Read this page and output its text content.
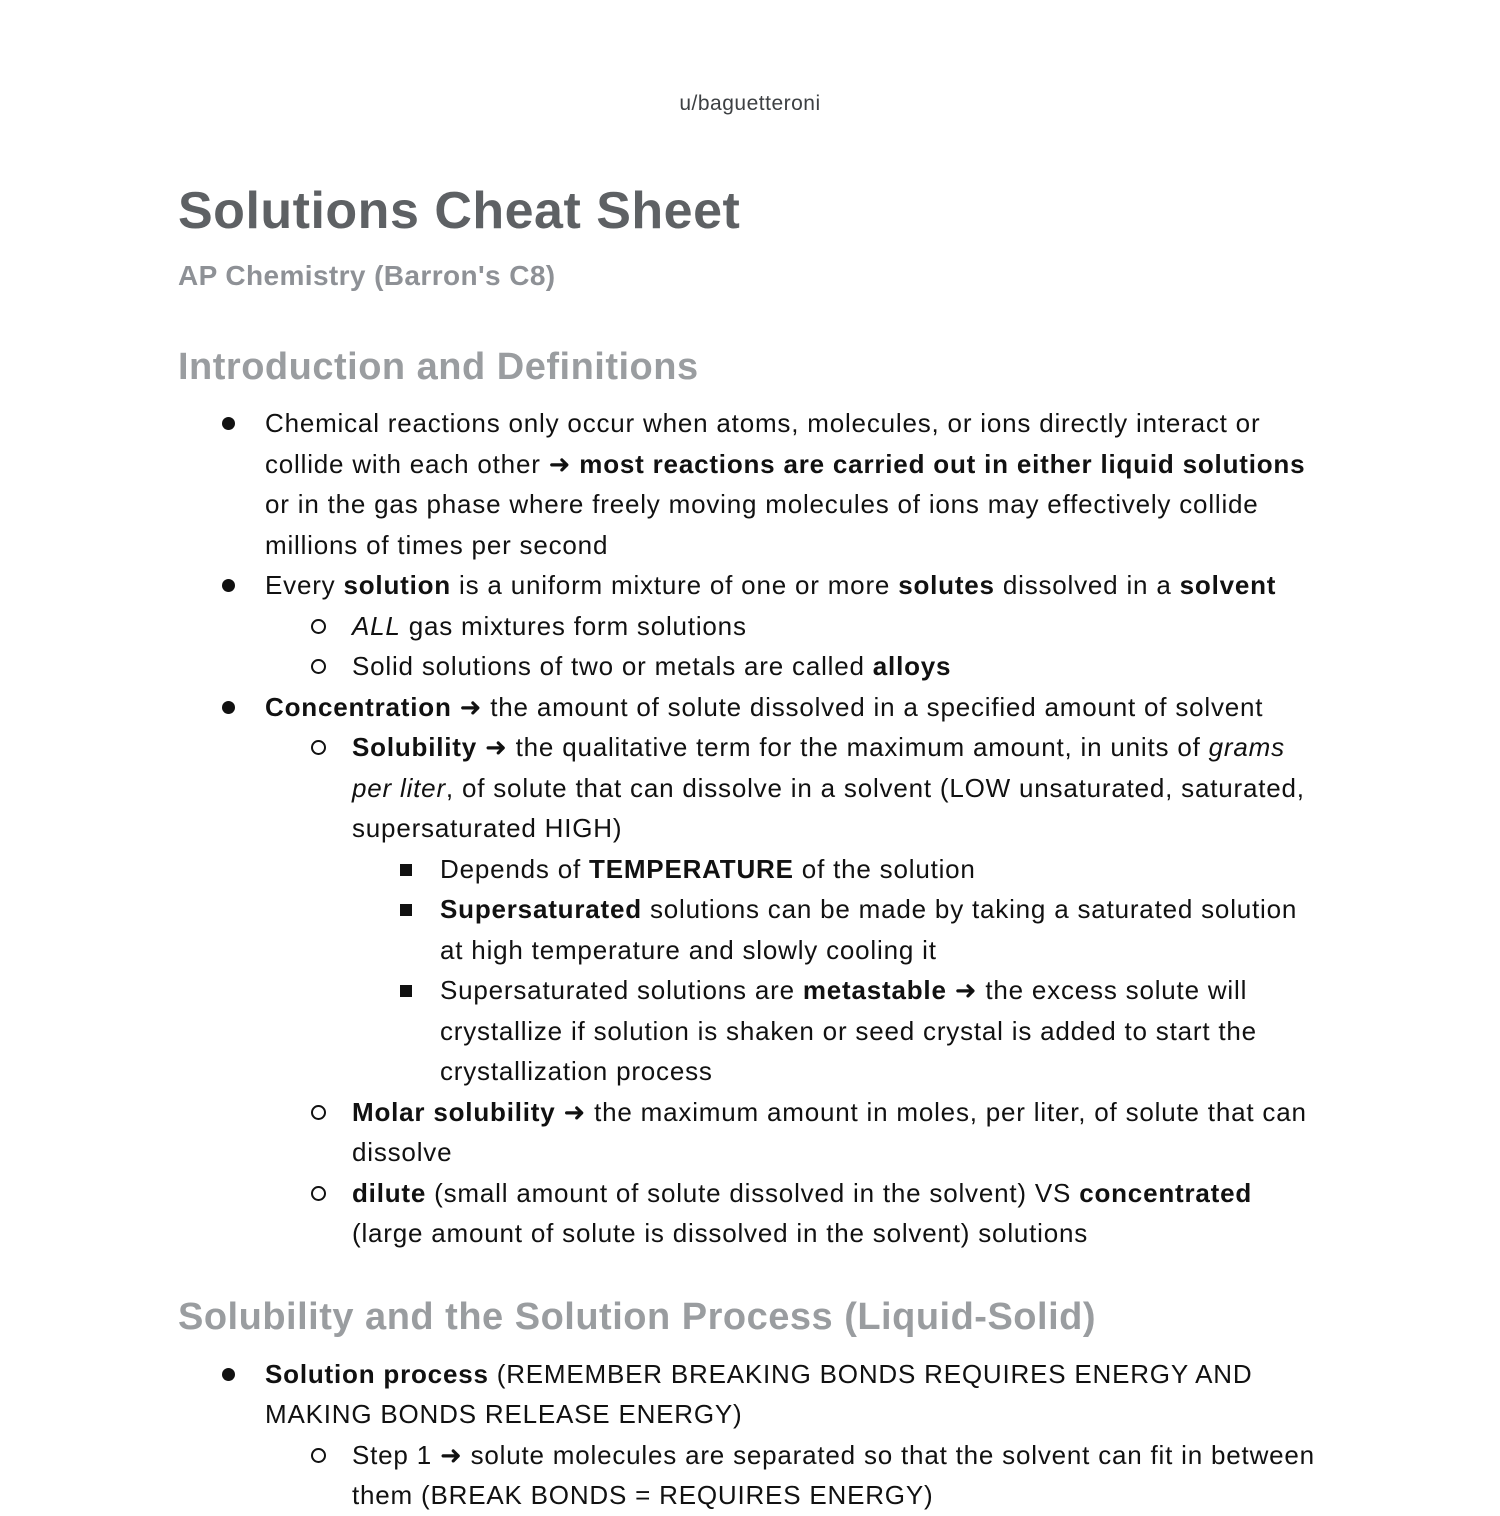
u/baguetteroni
Solutions Cheat Sheet
AP Chemistry (Barron's C8)
Introduction and Definitions
Chemical reactions only occur when atoms, molecules, or ions directly interact or collide with each other ➜ most reactions are carried out in either liquid solutions or in the gas phase where freely moving molecules of ions may effectively collide millions of times per second
Every solution is a uniform mixture of one or more solutes dissolved in a solvent
ALL gas mixtures form solutions
Solid solutions of two or metals are called alloys
Concentration ➜ the amount of solute dissolved in a specified amount of solvent
Solubility ➜ the qualitative term for the maximum amount, in units of grams per liter, of solute that can dissolve in a solvent (LOW unsaturated, saturated, supersaturated HIGH)
Depends of TEMPERATURE of the solution
Supersaturated solutions can be made by taking a saturated solution at high temperature and slowly cooling it
Supersaturated solutions are metastable ➜ the excess solute will crystallize if solution is shaken or seed crystal is added to start the crystallization process
Molar solubility ➜ the maximum amount in moles, per liter, of solute that can dissolve
dilute (small amount of solute dissolved in the solvent) VS concentrated (large amount of solute is dissolved in the solvent) solutions
Solubility and the Solution Process (Liquid-Solid)
Solution process (REMEMBER BREAKING BONDS REQUIRES ENERGY AND MAKING BONDS RELEASE ENERGY)
Step 1 ➜ solute molecules are separated so that the solvent can fit in between them (BREAK BONDS = REQUIRES ENERGY)
